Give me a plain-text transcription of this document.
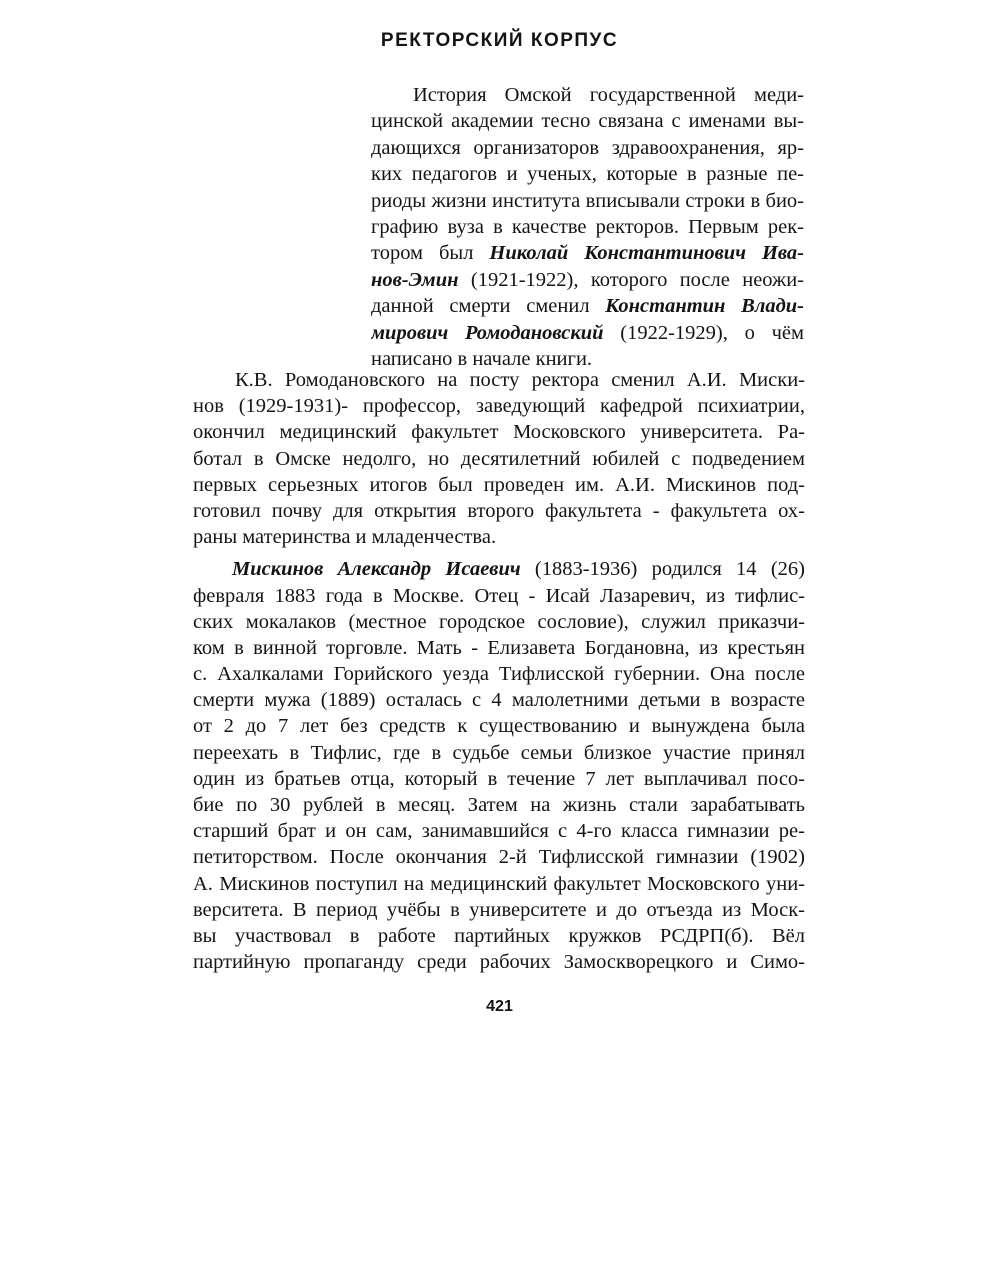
РЕКТОРСКИЙ КОРПУС
История Омской государственной меди-
цинской академии тесно связана с именами вы-
дающихся организаторов здравоохранения, яр-
ких педагогов и ученых, которые в разные пе-
риоды жизни института вписывали строки в био-
графию вуза в качестве ректоров. Первым рек-
тором был Николай Константинович Ива-
нов-Эмин (1921-1922), которого после неожи-
данной смерти сменил Константин Влади-
мирович Ромодановский (1922-1929), о чём
написано в начале книги.
К.В. Ромодановского на посту ректора сменил А.И. Миски-
нов (1929-1931)- профессор, заведующий кафедрой психиатрии,
окончил медицинский факультет Московского университета. Ра-
ботал в Омске недолго, но десятилетний юбилей с подведением
первых серьезных итогов был проведен им. А.И. Мискинов под-
готовил почву для открытия второго факультета - факультета ох-
раны материнства и младенчества.
Мискинов Александр Исаевич (1883-1936) родился 14 (26)
февраля 1883 года в Москве. Отец - Исай Лазаревич, из тифлис-
ских мокалаков (местное городское сословие), служил приказчи-
ком в винной торговле. Мать - Елизавета Богдановна, из крестьян
с. Ахалкалами Горийского уезда Тифлисской губернии. Она после
смерти мужа (1889) осталась с 4 малолетними детьми в возрасте
от 2 до 7 лет без средств к существованию и вынуждена была
переехать в Тифлис, где в судьбе семьи близкое участие принял
один из братьев отца, который в течение 7 лет выплачивал посо-
бие по 30 рублей в месяц. Затем на жизнь стали зарабатывать
старший брат и он сам, занимавшийся с 4-го класса гимназии ре-
петиторством. После окончания 2-й Тифлисской гимназии (1902)
А. Мискинов поступил на медицинский факультет Московского уни-
верситета. В период учёбы в университете и до отъезда из Моск-
вы участвовал в работе партийных кружков РСДРП(б). Вёл
партийную пропаганду среди рабочих Замоскворецкого и Симо-
421
